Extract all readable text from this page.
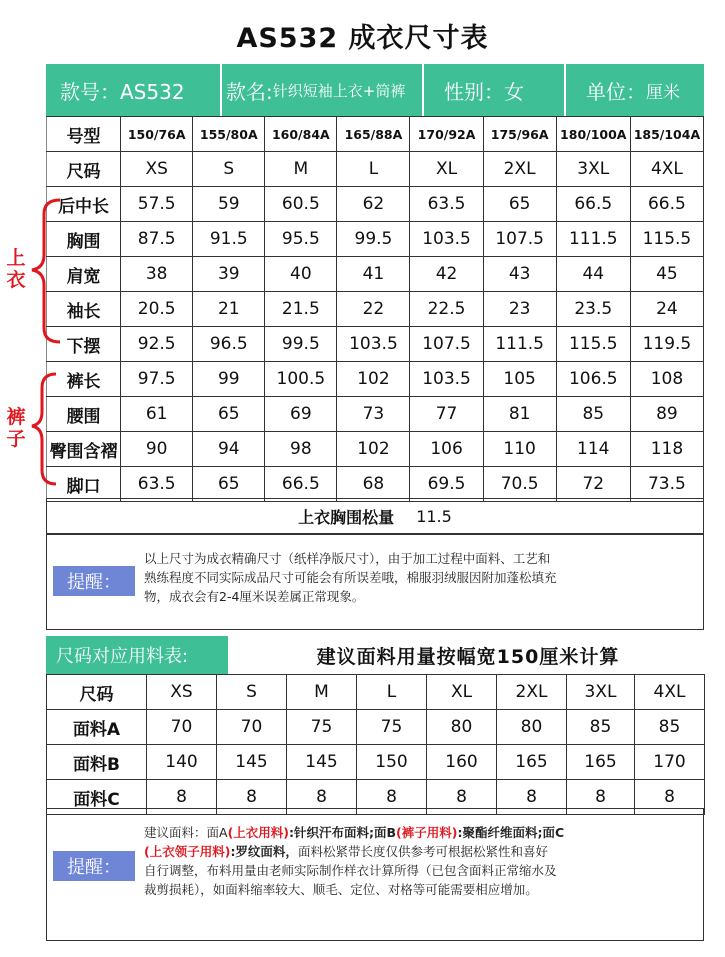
AS532 成衣尺寸表
款号：AS532	款名: 针织短袖上衣+筒裤	性别：女	单位： 厘米
号型	150/76A	155/80A	160/84A	165/88A	170/92A	175/96A	180/100A	185/104A
尺码	XS	S	M	L	XL	2XL	3XL	4XL
后中长	57.5	59	60.5	62	63.5	65	66.5	66.5
胸围	87.5	91.5	95.5	99.5	103.5	107.5	111.5	115.5
肩宽	38	39	40	41	42	43	44	45
袖长	20.5	21	21.5	22	22.5	23	23.5	24
下摆	92.5	96.5	99.5	103.5	107.5	111.5	115.5	119.5
裤长	97.5	99	100.5	102	103.5	105	106.5	108
腰围	61	65	69	73	77	81	85	89
臀围含褶	90	94	98	102	106	110	114	118
脚口	63.5	65	66.5	68	69.5	70.5	72	73.5
上衣胸围松量 11.5
提醒：
以上尺寸为成衣精确尺寸（纸样净版尺寸），由于加工过程中面料、工艺和
熟练程度不同实际成品尺寸可能会有所误差哦，棉服羽绒服因附加蓬松填充
物，成衣会有2-4厘米误差属正常现象。
尺码对应用料表:	建议面料用量按幅宽150厘米计算
尺码	XS	S	M	L	XL	2XL	3XL	4XL
面料A	70	70	75	75	80	80	85	85
面料B	140	145	145	150	160	165	165	170
面料C	8	8	8	8	8	8	8	8
提醒：
建议面料：面A(上衣用料):针织汗布面料;面B(裤子用料):聚酯纤维面料;面C
(上衣领子用料):罗纹面料，面料松紧带长度仅供参考可根据松紧性和喜好
自行调整，布料用量由老师实际制作样衣计算所得（已包含面料正常缩水及
裁剪损耗），如面料缩率较大、顺毛、定位、对格等可能需要相应增加。
上衣
裤子
